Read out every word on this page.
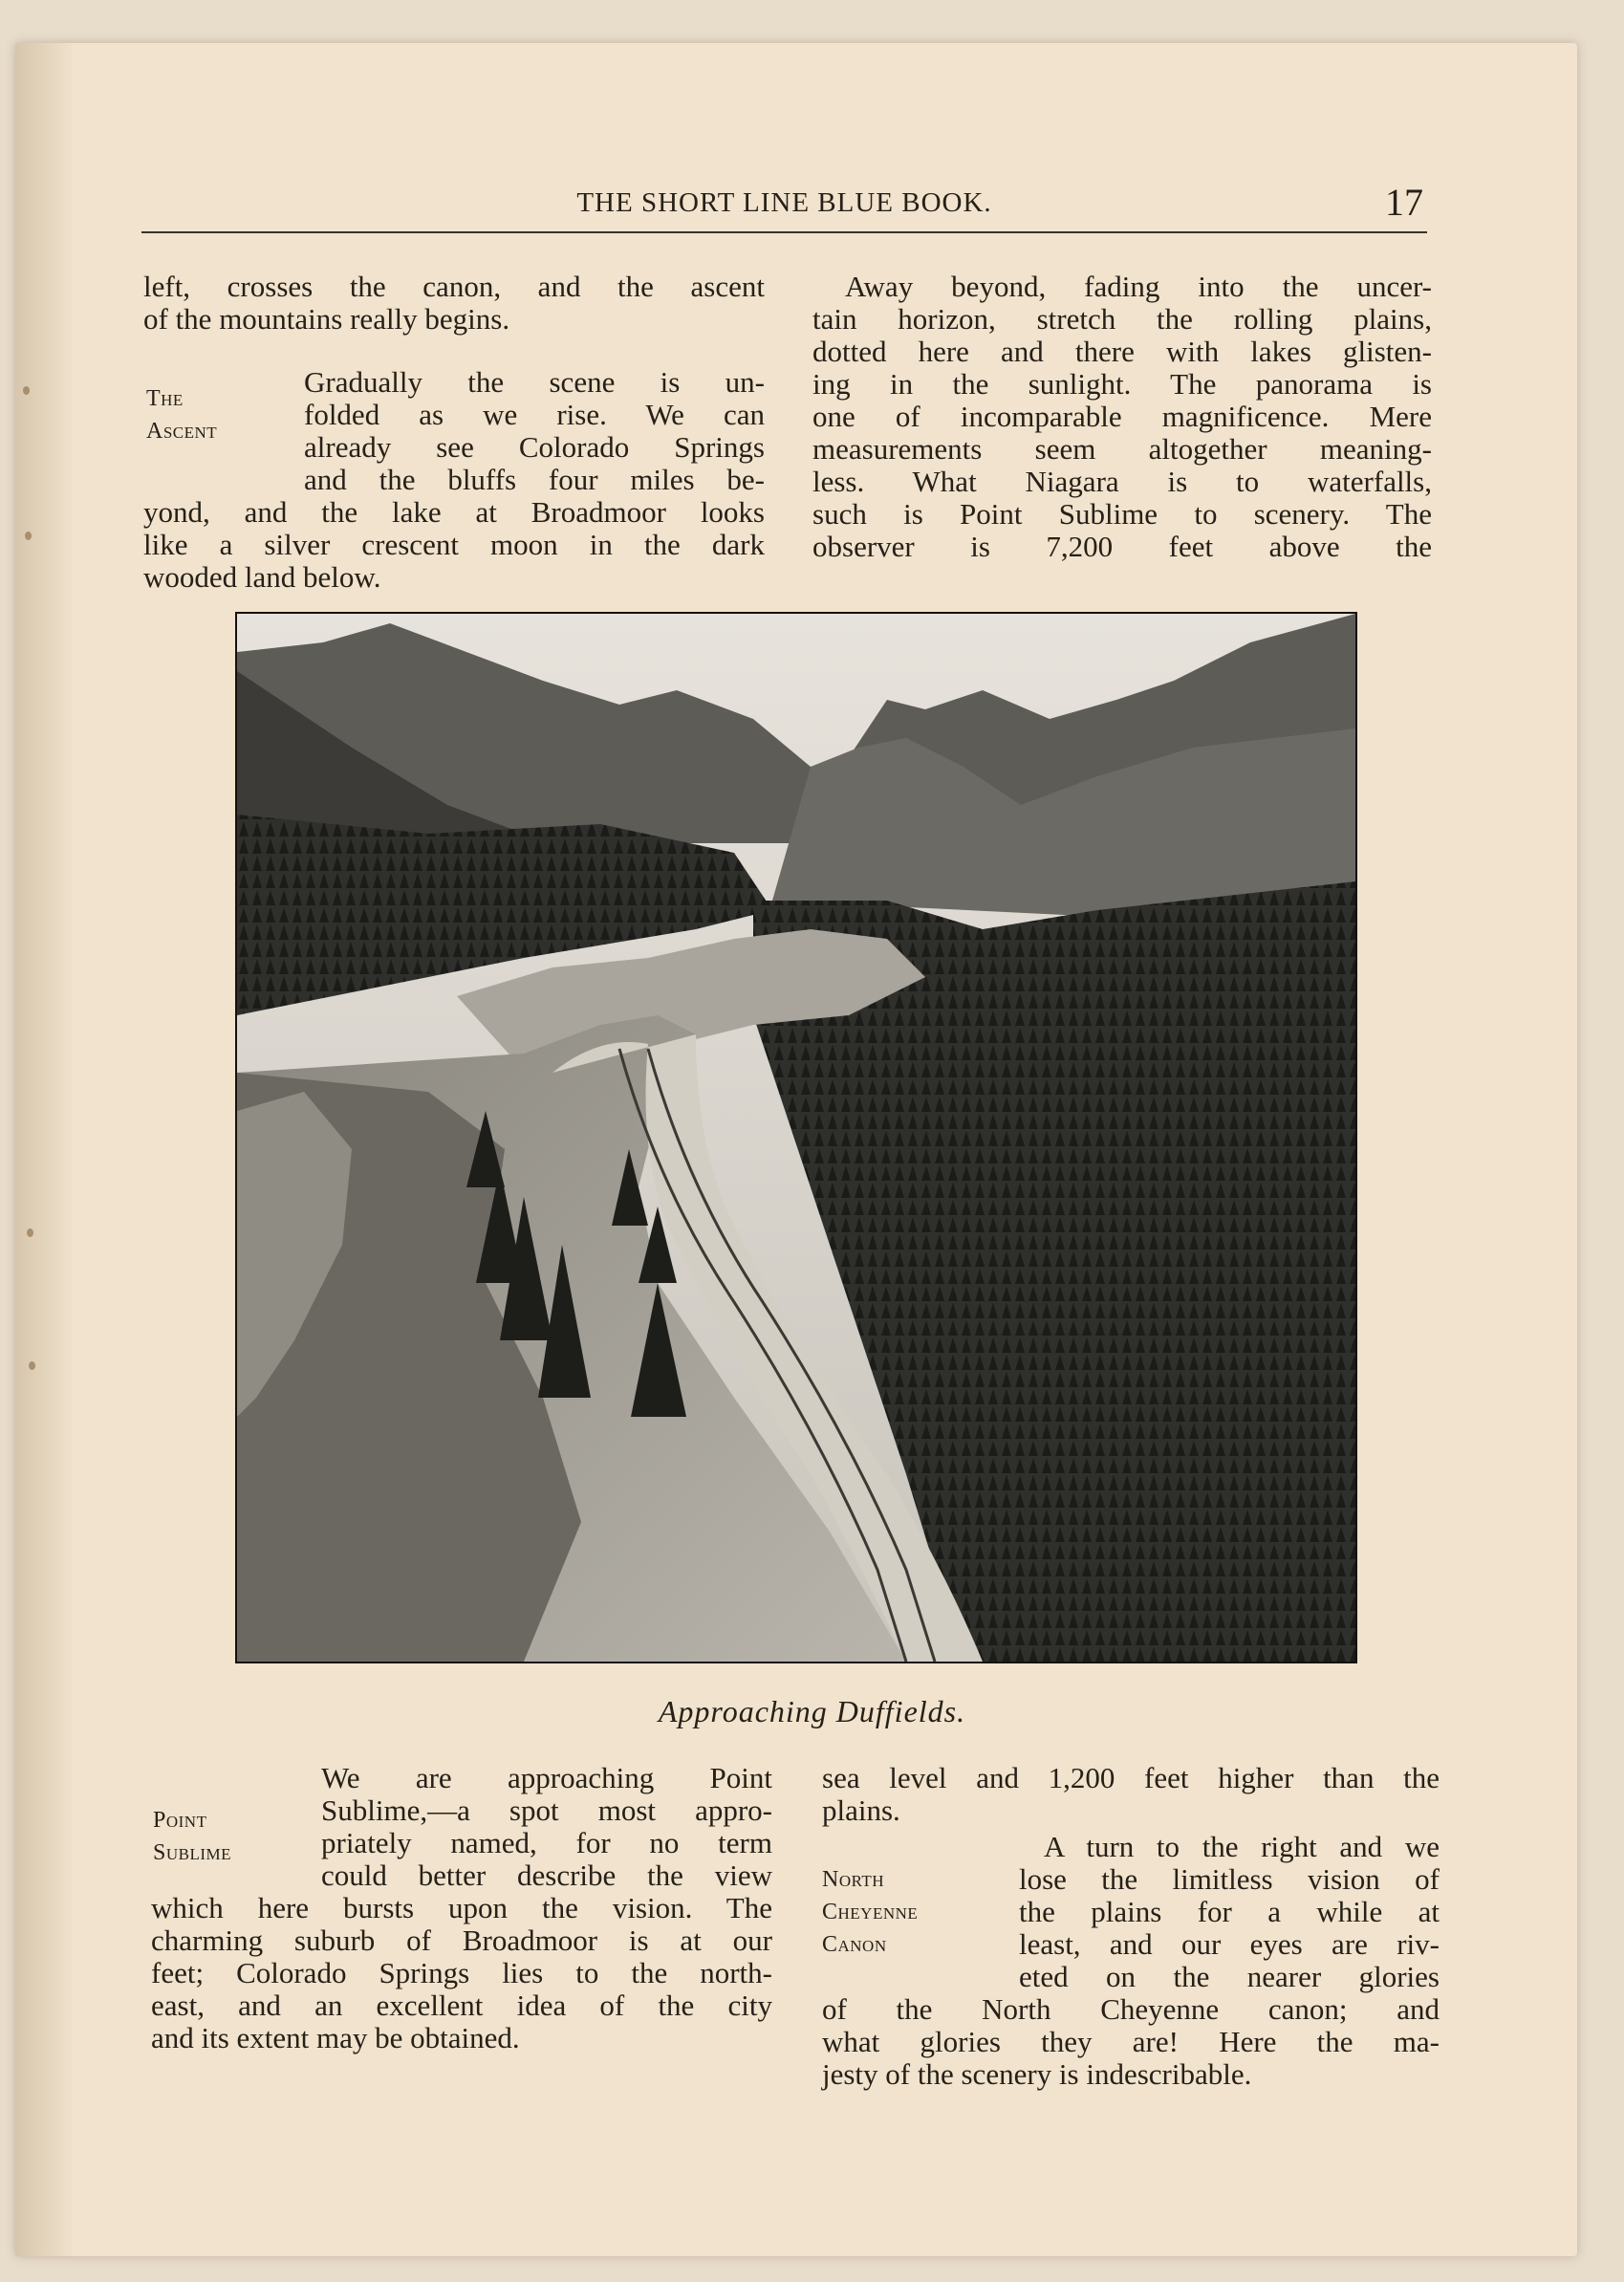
THE SHORT LINE BLUE BOOK.	17

left, crosses the canon, and the ascent

of the mountains really begins.

Gradually the scene is un-

folded as we rise. We can

already see Colorado Springs

and the bluffs four miles be-

yond, and the lake at Broadmoor looks

like a silver crescent moon in the dark

wooded land below.

The
Ascent

Away beyond, fading into the uncer-

tain horizon, stretch the rolling plains,

dotted here and there with lakes glisten-

ing in the sunlight. The panorama is

one of incomparable magnificence. Mere

measurements seem altogether meaning-

less. What Niagara is to waterfalls,

such is Point Sublime to scenery. The

observer is 7,200 feet above the

Approaching Duffields.

We are approaching Point

Sublime,—a spot most appro-

priately named, for no term

could better describe the view

which here bursts upon the vision. The

charming suburb of Broadmoor is at our

feet; Colorado Springs lies to the north-

east, and an excellent idea of the city

and its extent may be obtained.

Point
Sublime

sea level and 1,200 feet higher than the

plains.

A turn to the right and we

lose the limitless vision of

the plains for a while at

least, and our eyes are riv-

eted on the nearer glories

of the North Cheyenne canon; and

what glories they are! Here the ma-

jesty of the scenery is indescribable.

North
Cheyenne
Canon
